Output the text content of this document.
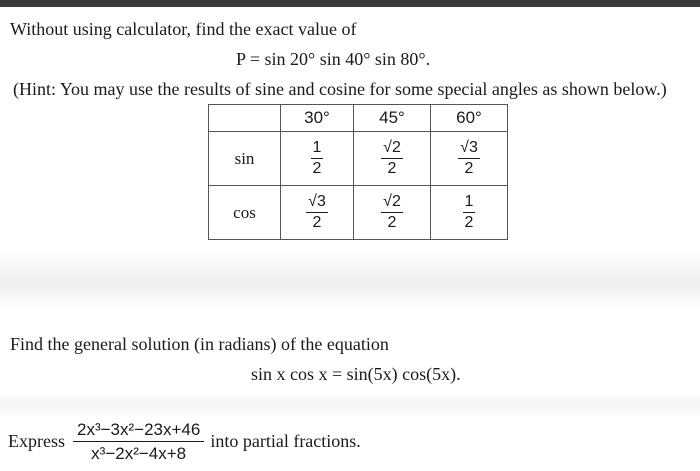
Without using calculator, find the exact value of
P = sin 20° sin 40° sin 80°.
(Hint: You may use the results of sine and cosine for some special angles as shown below.)
	30°	45°	60°
sin	$\frac{1}{2}$	$\frac{√2}{2}$	$\frac{√3}{2}$

cos	$\frac{√3}{2}$	$\frac{√2}{2}$	$\frac{1}{2}$
Find the general solution (in radians) of the equation
sin x cos x = sin(5x) cos(5x).
Express $\frac{\text{2x³−3x²−23x+46}}{\text{x³−2x²−4x+8}}$ into partial fractions.
